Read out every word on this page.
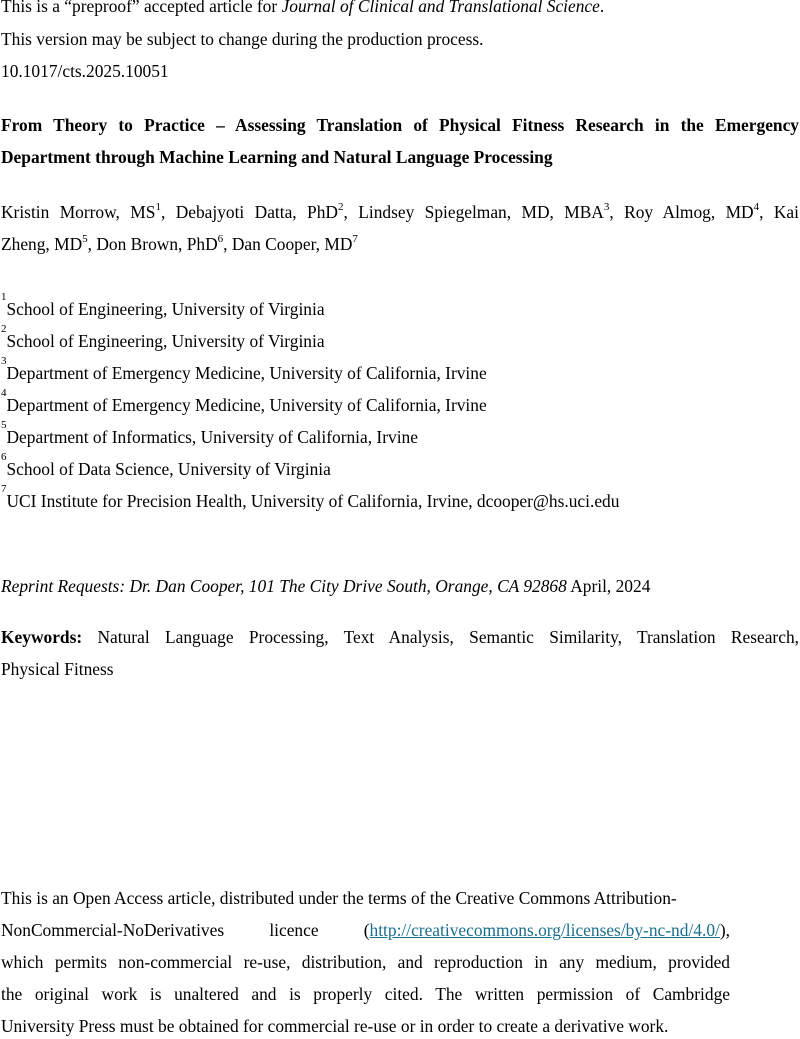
This is a “preproof” accepted article for Journal of Clinical and Translational Science.
This version may be subject to change during the production process.
10.1017/cts.2025.10051
From Theory to Practice – Assessing Translation of Physical Fitness Research in the Emergency
Department through Machine Learning and Natural Language Processing
Kristin Morrow, $MS^1$, Debajyoti Datta, PhD$^2$, Lindsey Spiegelman, MD, MBA$^3$, Roy Almog, $MD^4$, Kai
Zheng, $MD^5$, Don Brown, PhD$^6$, Dan Cooper, $MD^7$
$^1$School of Engineering, University of Virginia
$^2$School of Engineering, University of Virginia
$^3$Department of Emergency Medicine, University of California, Irvine
$^4$Department of Emergency Medicine, University of California, Irvine
$^5$Department of Informatics, University of California, Irvine
$^6$School of Data Science, University of Virginia
$^7$UCI Institute for Precision Health, University of California, Irvine, dcooper@hs.uci.edu
Reprint Requests: Dr. Dan Cooper, 101 The City Drive South, Orange, CA 92868 April, 2024
Keywords: Natural Language Processing, Text Analysis, Semantic Similarity, Translation Research,
Physical Fitness
This is an Open Access article, distributed under the terms of the Creative Commons Attribution-
NonCommercial-NoDerivatives	licence	(http://creativecommons.org/licenses/by-nc-nd/4.0/),
which permits non-commercial re-use, distribution, and reproduction in any medium, provided
the original work is unaltered and is properly cited. The written permission of Cambridge
University Press must be obtained for commercial re-use or in order to create a derivative work.
